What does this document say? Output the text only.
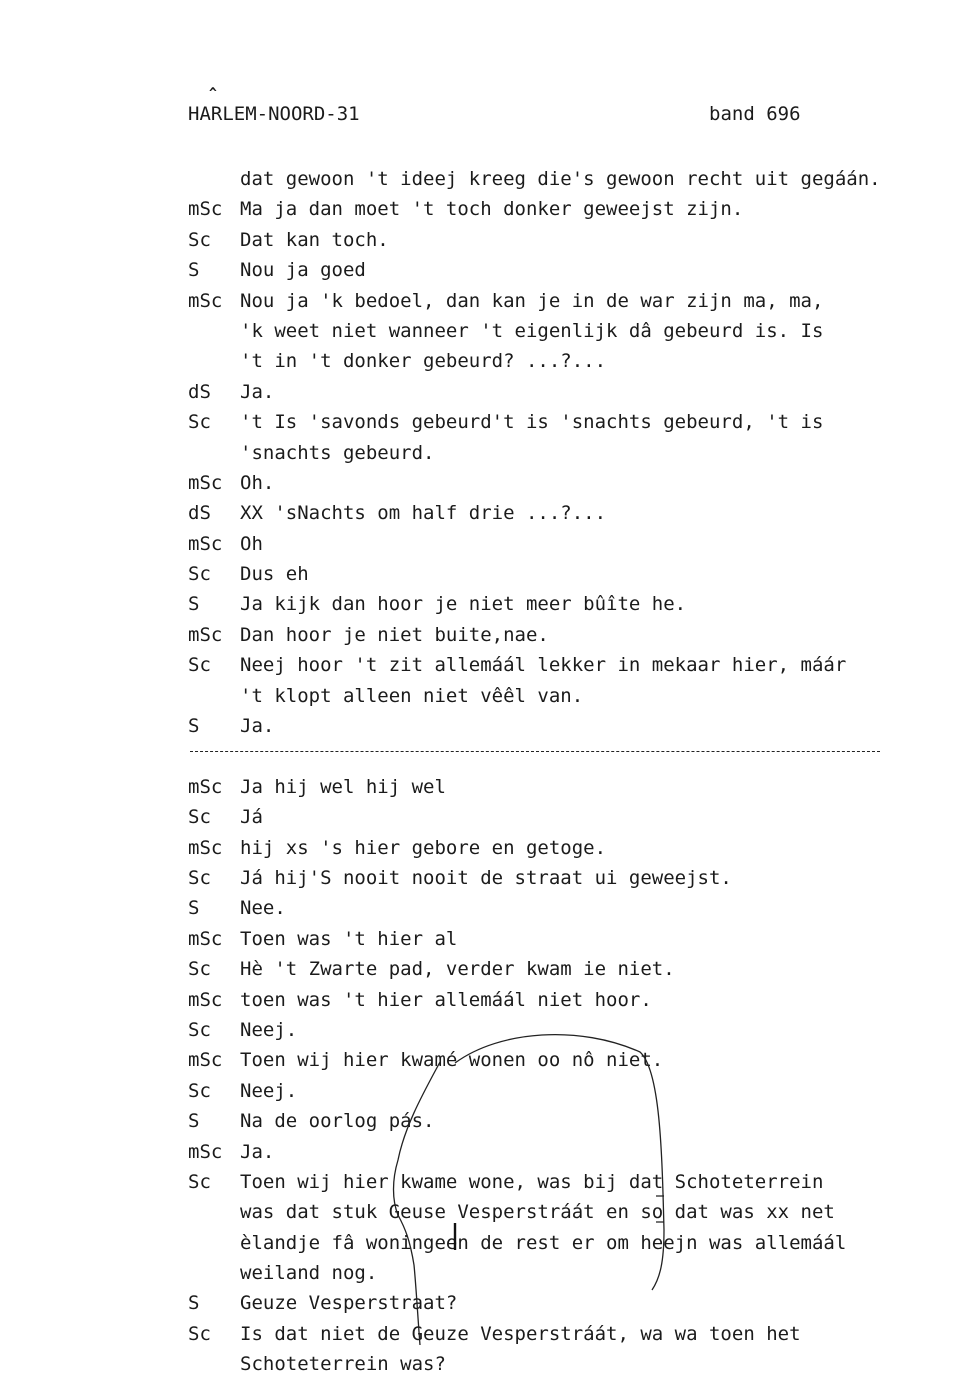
^
HARLEM-NOORD-31	band 696
dat gewoon 't ideej kreeg die's gewoon recht uit gegáán.
mSc Ma ja dan moet 't toch donker geweejst zijn.
Sc Dat kan toch.
S Nou ja goed
mSc Nou ja 'k bedoel, dan kan je in de war zijn ma, ma,
'k weet niet wanneer 't eigenlijk dâ gebeurd is. Is
't in 't donker gebeurd? ...?...
dS Ja.
Sc 't Is 'savonds gebeurd't is 'snachts gebeurd, 't is
'snachts gebeurd.
mSc Oh.
dS XX 'sNachts om half drie ...?...
mSc Oh
Sc Dus eh
S Ja kijk dan hoor je niet meer bûîte he.
mSc Dan hoor je niet buite,nae.
Sc Neej hoor 't zit allemáál lekker in mekaar hier, máár
't klopt alleen niet vêêl van.
S Ja.
mSc Ja hij wel hij wel
Sc Já
mSc hij xs 's hier gebore en getoge.
Sc Já hij'S nooit nooit de straat ui geweejst.
S Nee.
mSc Toen was 't hier al
Sc Hè 't Zwarte pad, verder kwam ie niet.
mSc toen was 't hier allemáál niet hoor.
Sc Neej.
mSc Toen wij hier kwamé wonen oo nô niet.
Sc Neej.
S Na de oorlog pás.
mSc Ja.
Sc Toen wij hier kwame wone, was bij dat Schoteterrein
was dat stuk Geuse Vesperstráát en so dat was xx net
èlandje fâ woningeen de rest er om heejn was allemáál
weiland nog.
S Geuze Vesperstraat?
Sc Is dat niet de Geuze Vesperstráát, wa wa toen het
Schoteterrein was?
